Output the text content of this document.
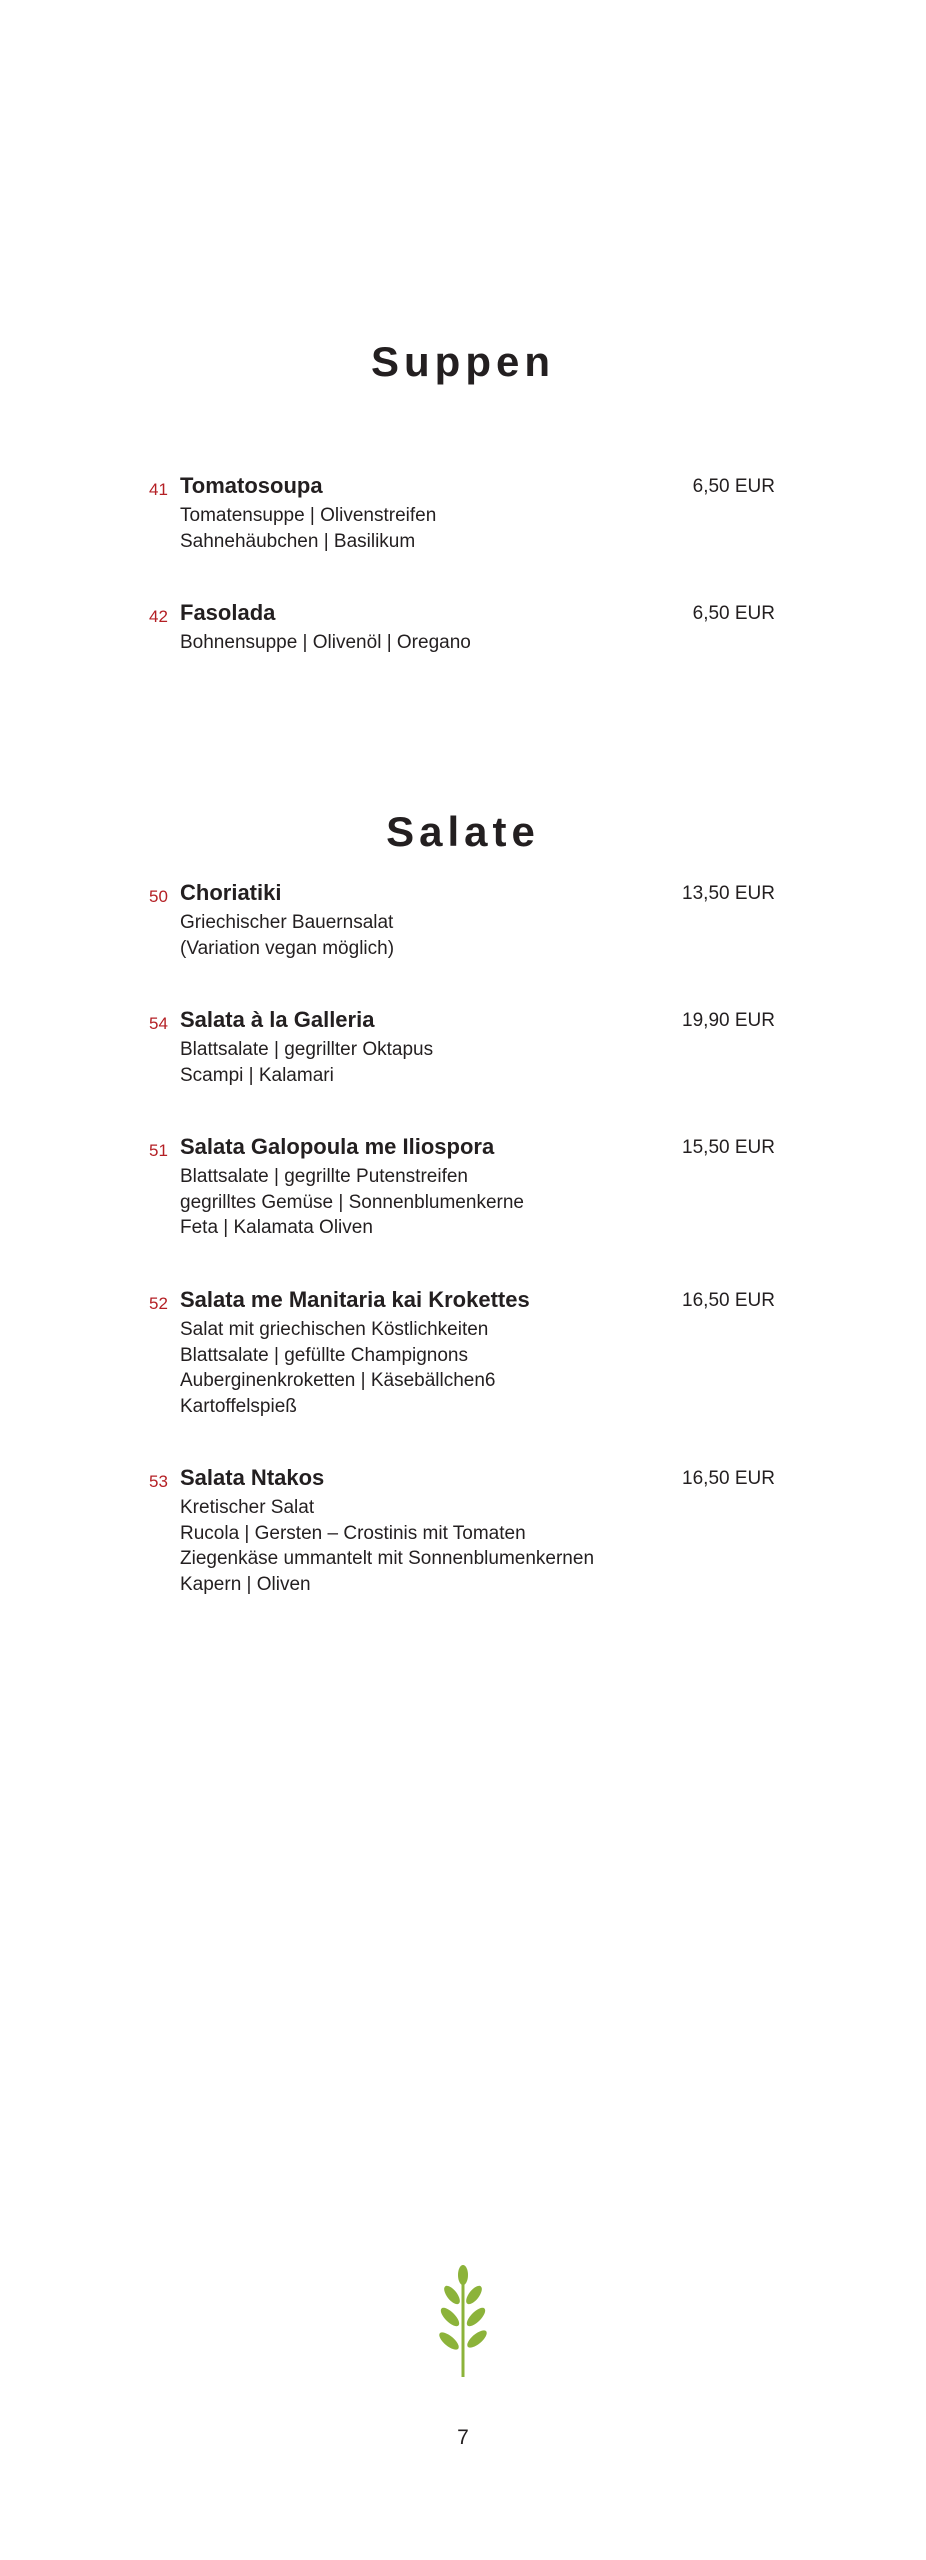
Suppen
41 Tomatosoupa	6,50 EUR
Tomatensuppe | Olivenstreifen
Sahnehäubchen | Basilikum
42 Fasolada	6,50 EUR
Bohnensuppe | Olivenöl | Oregano
Salate
50 Choriatiki	13,50 EUR
Griechischer Bauernsalat
(Variation vegan möglich)
54 Salata à la Galleria	19,90 EUR
Blattsalate | gegrillter Oktapus
Scampi | Kalamari
51 Salata Galopoula me Iliospora	15,50 EUR
Blattsalate | gegrillte Putenstreifen
gegrilltes Gemüse | Sonnenblumenkerne
Feta | Kalamata Oliven
52 Salata me Manitaria kai Krokettes	16,50 EUR
Salat mit griechischen Köstlichkeiten
Blattsalate | gefüllte Champignons
Auberginenkroketten | Käsebällchen6
Kartoffelspieß
53 Salata Ntakos	16,50 EUR
Kretischer Salat
Rucola | Gersten – Crostinis mit Tomaten
Ziegenkäse ummantelt mit Sonnenblumenkernen
Kapern | Oliven
7
